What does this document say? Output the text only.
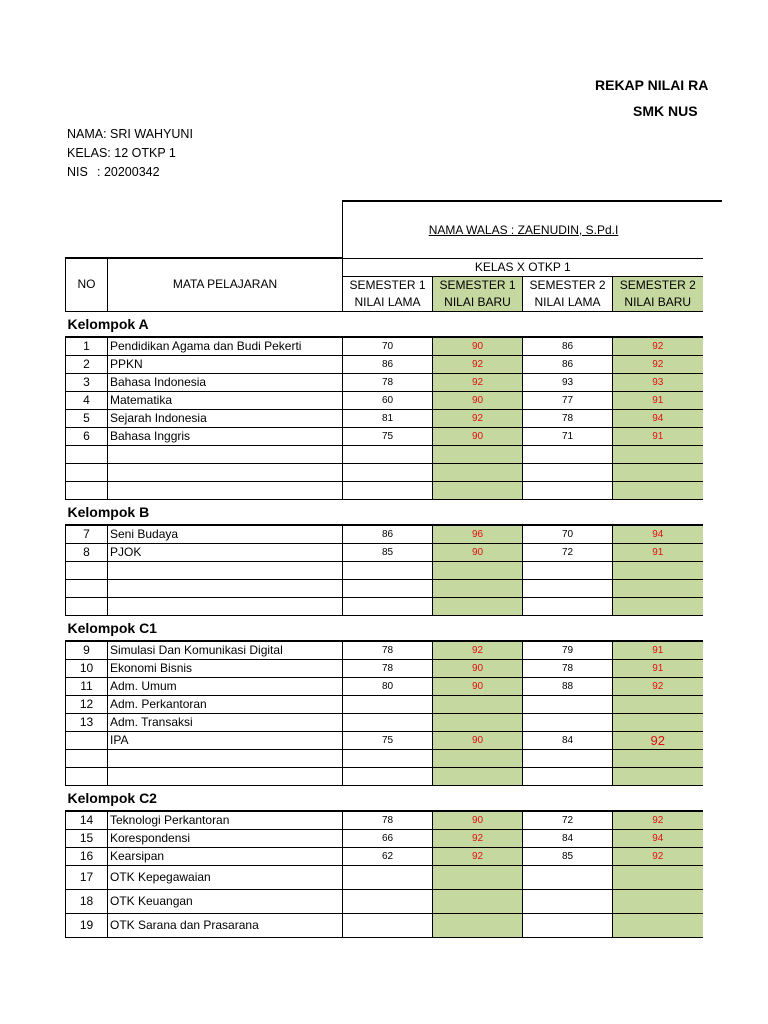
REKAP NILAI RA
SMK NUS
NAMA: SRI WAHYUNI
KELAS: 12 OTKP 1
NIS : 20200342
NAMA WALAS : ZAENUDIN, S.Pd.I
NO	MATA PELAJARAN	KELAS X OTKP 1			
		SEMESTER 1	SEMESTER 1	SEMESTER 2	SEMESTER 2
		NILAI LAMA	NILAI BARU	NILAI LAMA	NILAI BARU
Kelompok A					
1	Pendidikan Agama dan Budi Pekerti	70	90	86	92
2	PPKN	86	92	86	92
3	Bahasa Indonesia	78	92	93	93
4	Matematika	60	90	77	91
5	Sejarah Indonesia	81	92	78	94
6	Bahasa Inggris	75	90	71	91

Kelompok B					
7	Seni Budaya	86	96	70	94
8	PJOK	85	90	72	91

Kelompok C1					
9	Simulasi Dan Komunikasi Digital	78	92	79	91
10	Ekonomi Bisnis	78	90	78	91
11	Adm. Umum	80	90	88	92
12	Adm. Perkantoran				
13	Adm. Transaksi				
	IPA	75	90	84	92

Kelompok C2					
14	Teknologi Perkantoran	78	90	72	92
15	Korespondensi	66	92	84	94
16	Kearsipan	62	92	85	92
17	OTK Kepegawaian				
18	OTK Keuangan				
19	OTK Sarana dan Prasarana				
